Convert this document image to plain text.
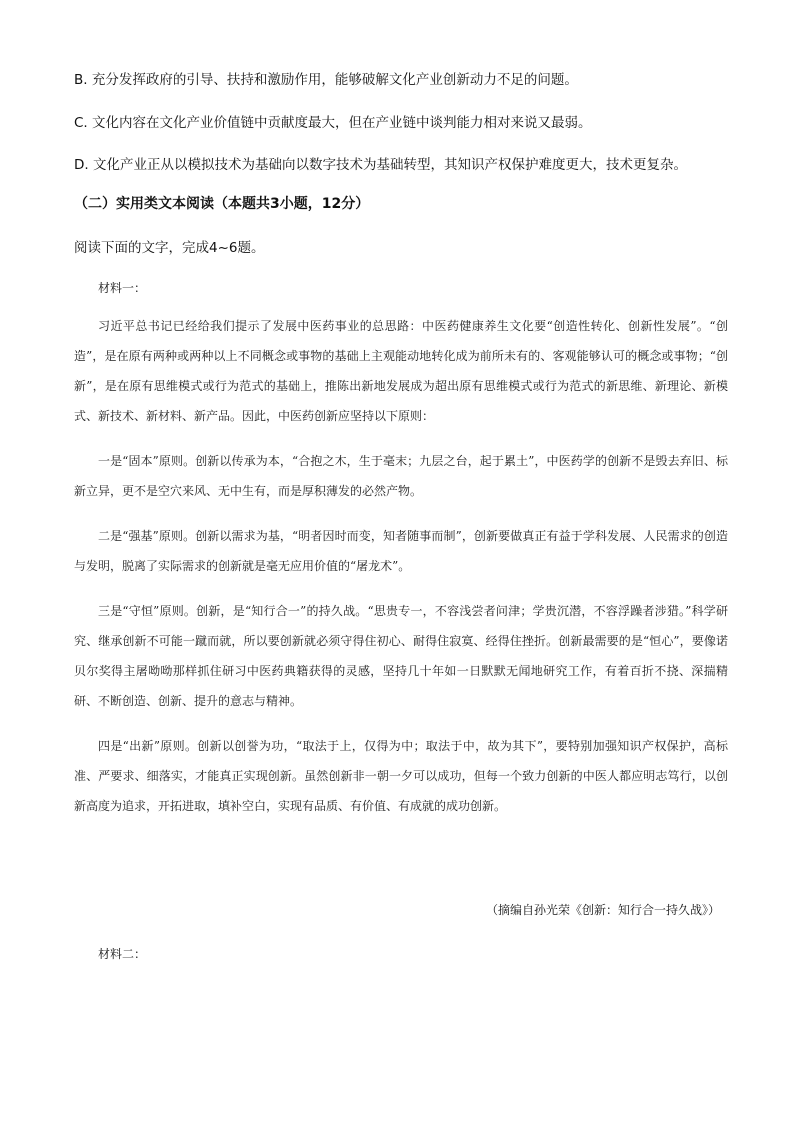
B. 充分发挥政府的引导、扶持和激励作用，能够破解文化产业创新动力不足的问题。
C. 文化内容在文化产业价值链中贡献度最大，但在产业链中谈判能力相对来说又最弱。
D. 文化产业正从以模拟技术为基础向以数字技术为基础转型，其知识产权保护难度更大，技术更复杂。
（二）实用类文本阅读（本题共3小题，12分）
阅读下面的文字，完成4~6题。
材料一：

习近平总书记已经给我们提示了发展中医药事业的总思路：中医药健康养生文化要“创造性转化、创新性发展”。“创造”，是在原有两种或两种以上不同概念或事物的基础上主观能动地转化成为前所未有的、客观能够认可的概念或事物；“创新”，是在原有思维模式或行为范式的基础上，推陈出新地发展成为超出原有思维模式或行为范式的新思维、新理论、新模式、新技术、新材料、新产品。因此，中医药创新应坚持以下原则：

一是“固本”原则。创新以传承为本，“合抱之木，生于毫末；九层之台，起于累土”，中医药学的创新不是毁去弃旧、标新立异，更不是空穴来风、无中生有，而是厚积薄发的必然产物。

二是“强基”原则。创新以需求为基，“明者因时而变，知者随事而制”，创新要做真正有益于学科发展、人民需求的创造与发明，脱离了实际需求的创新就是毫无应用价值的“屠龙术”。

三是“守恒”原则。创新，是“知行合一”的持久战。“思贵专一，不容浅尝者问津；学贵沉潜，不容浮躁者涉猎。”科学研究、继承创新不可能一蹴而就，所以要创新就必须守得住初心、耐得住寂寞、经得住挫折。创新最需要的是“恒心”，要像诺贝尔奖得主屠呦呦那样抓住研习中医药典籍获得的灵感，坚持几十年如一日默默无闻地研究工作，有着百折不挠、深揣精研、不断创造、创新、提升的意志与精神。

四是“出新”原则。创新以创誉为功，“取法于上，仅得为中；取法于中，故为其下”，要特别加强知识产权保护，高标准、严要求、细落实，才能真正实现创新。虽然创新非一朝一夕可以成功，但每一个致力创新的中医人都应明志笃行，以创新高度为追求，开拓进取，填补空白，实现有品质、有价值、有成就的成功创新。

（摘编自孙光荣《创新：知行合一持久战》）
材料二：
